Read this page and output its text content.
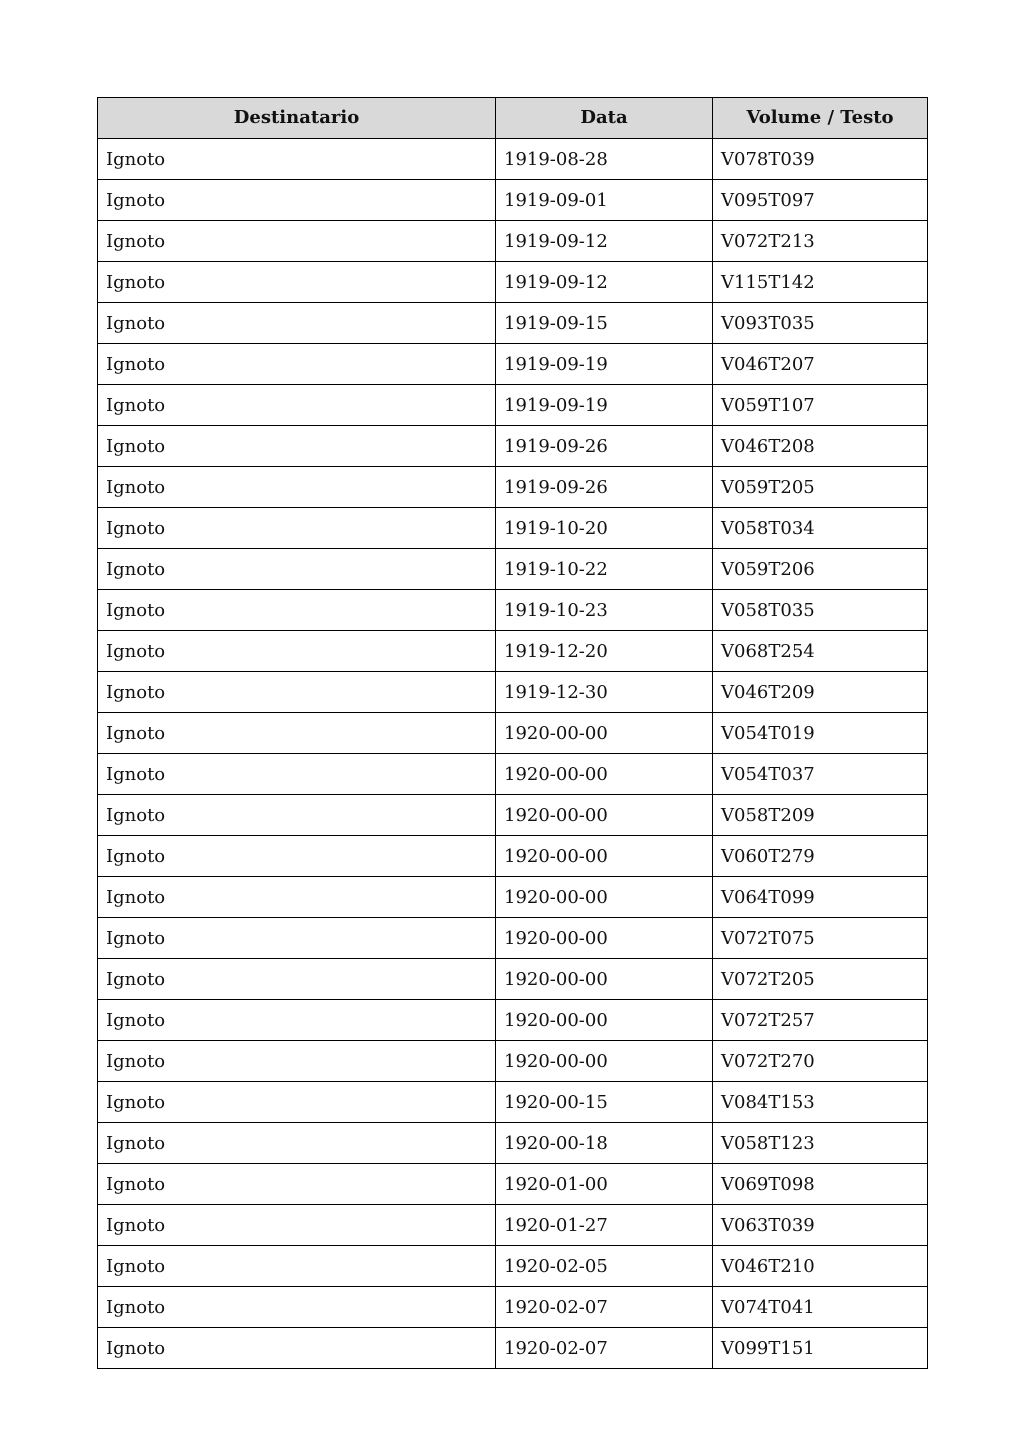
Destinatario	Data	Volume / Testo
Ignoto	1919-08-28	V078T039
Ignoto	1919-09-01	V095T097
Ignoto	1919-09-12	V072T213
Ignoto	1919-09-12	V115T142
Ignoto	1919-09-15	V093T035
Ignoto	1919-09-19	V046T207
Ignoto	1919-09-19	V059T107
Ignoto	1919-09-26	V046T208
Ignoto	1919-09-26	V059T205
Ignoto	1919-10-20	V058T034
Ignoto	1919-10-22	V059T206
Ignoto	1919-10-23	V058T035
Ignoto	1919-12-20	V068T254
Ignoto	1919-12-30	V046T209
Ignoto	1920-00-00	V054T019
Ignoto	1920-00-00	V054T037
Ignoto	1920-00-00	V058T209
Ignoto	1920-00-00	V060T279
Ignoto	1920-00-00	V064T099
Ignoto	1920-00-00	V072T075
Ignoto	1920-00-00	V072T205
Ignoto	1920-00-00	V072T257
Ignoto	1920-00-00	V072T270
Ignoto	1920-00-15	V084T153
Ignoto	1920-00-18	V058T123
Ignoto	1920-01-00	V069T098
Ignoto	1920-01-27	V063T039
Ignoto	1920-02-05	V046T210
Ignoto	1920-02-07	V074T041
Ignoto	1920-02-07	V099T151
